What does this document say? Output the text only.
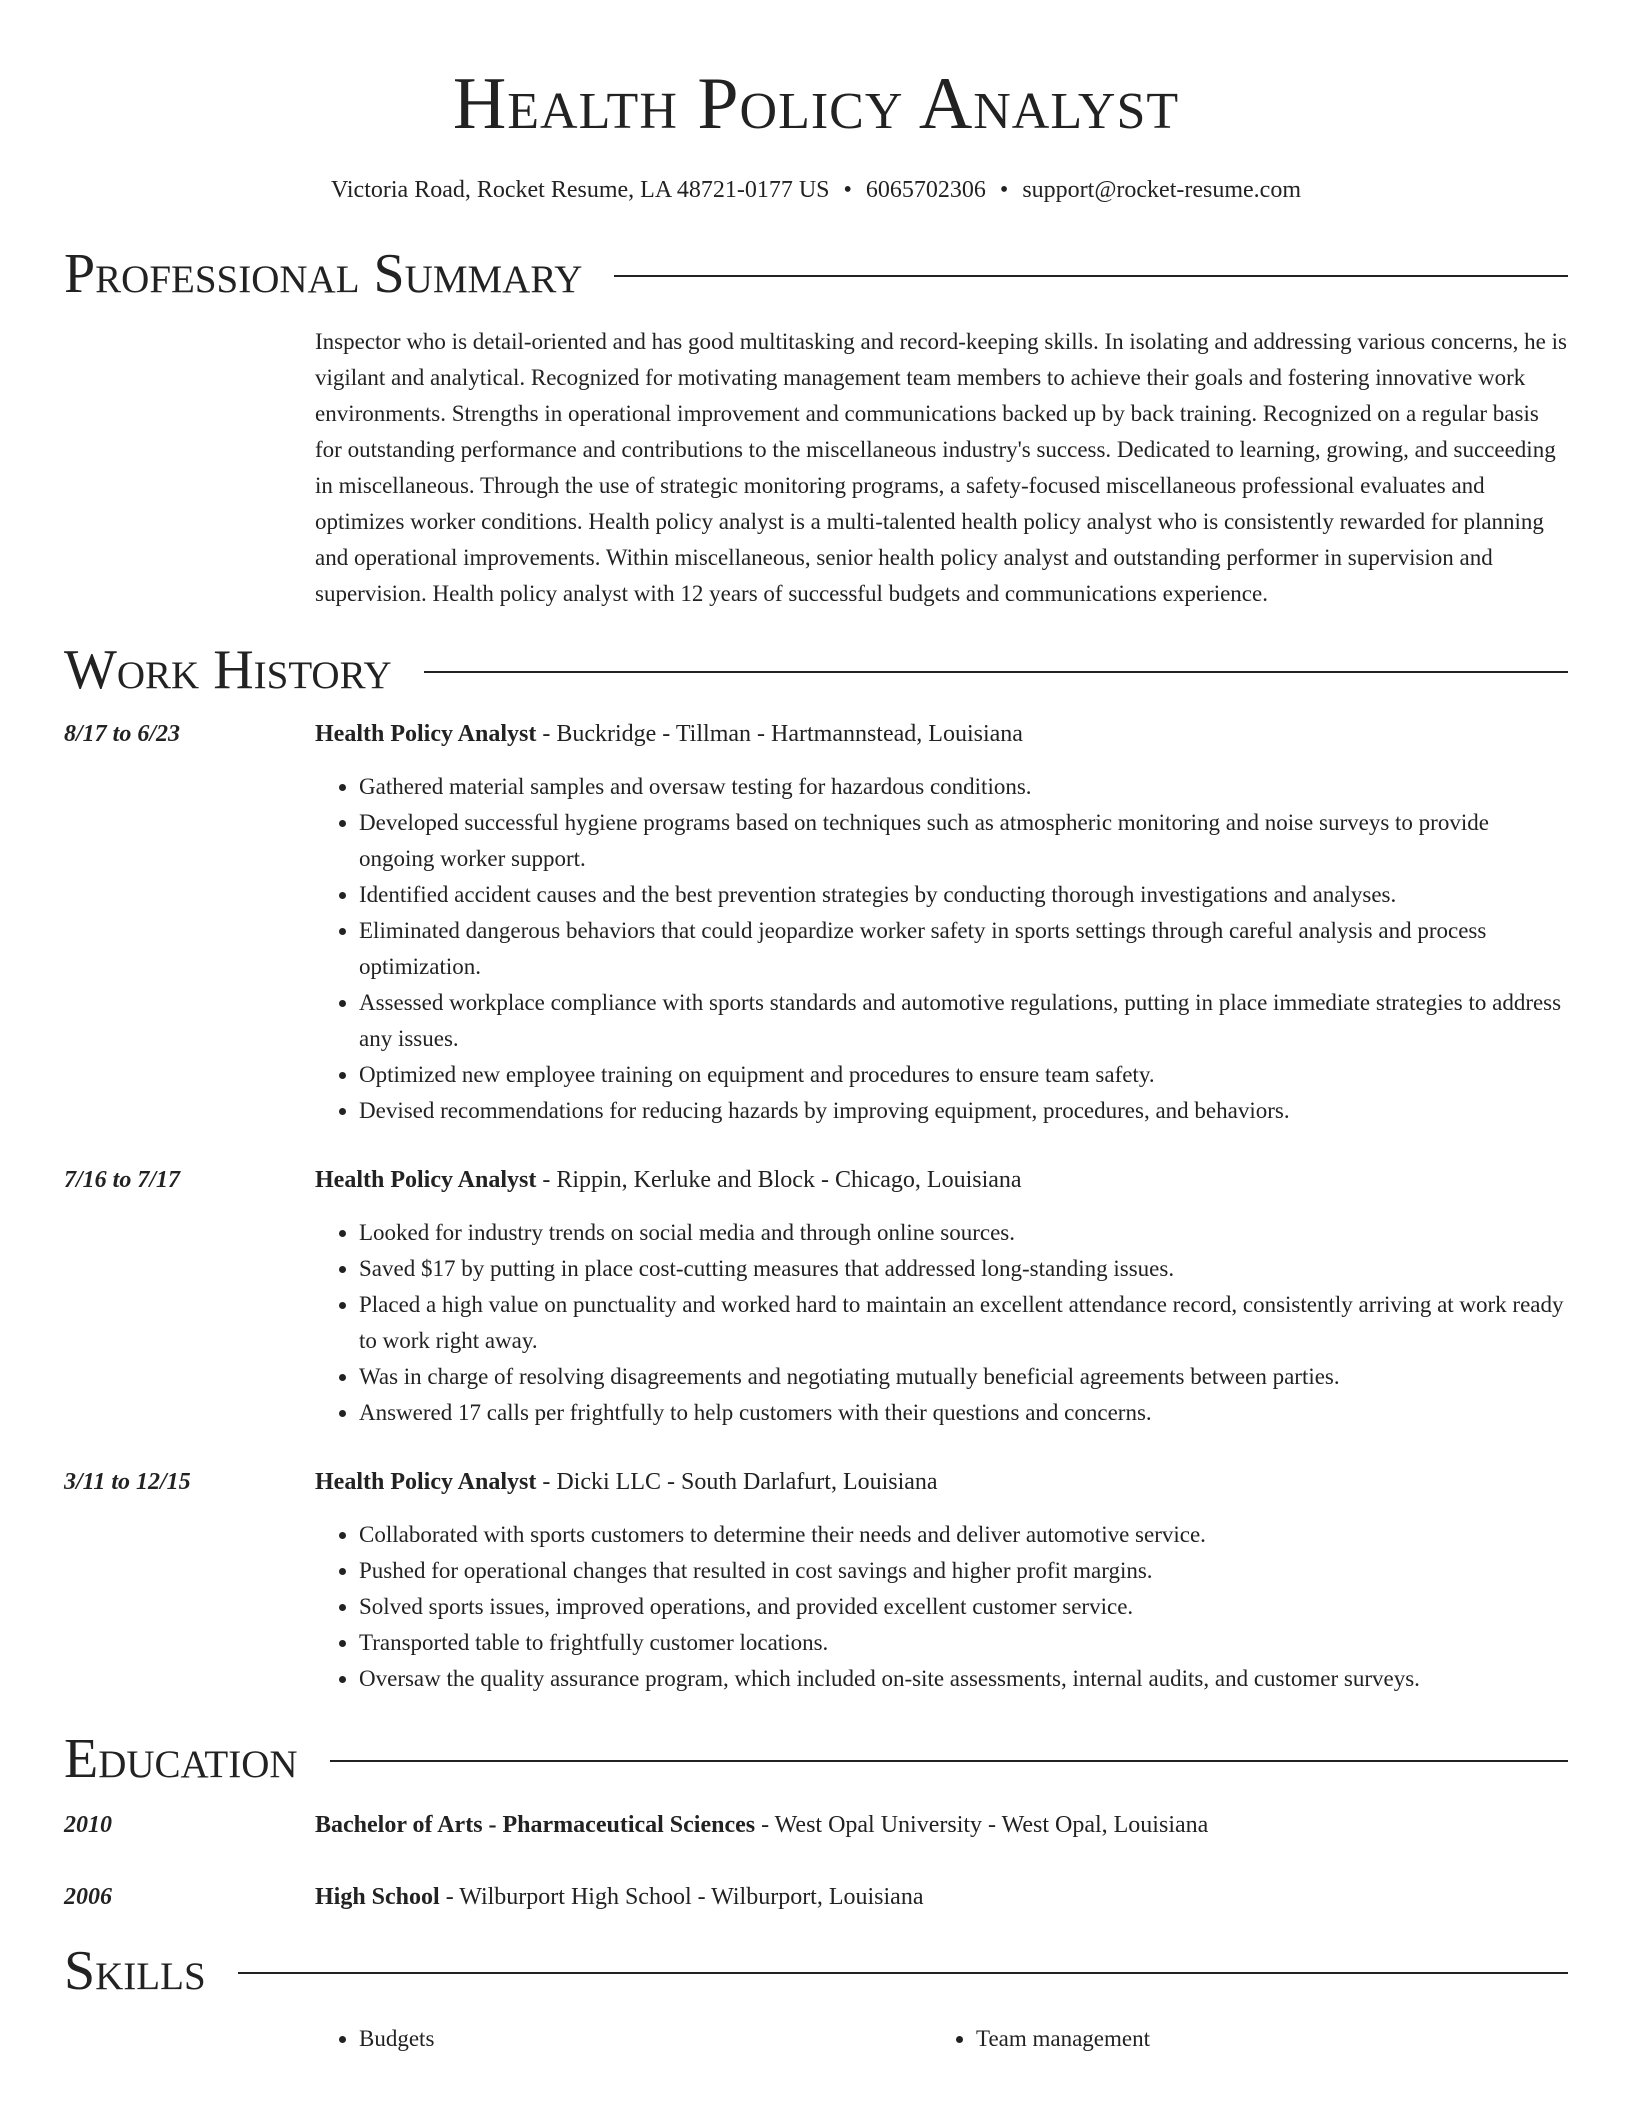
Health Policy Analyst
Victoria Road, Rocket Resume, LA 48721-0177 US • 6065702306 • support@rocket-resume.com
Professional Summary
Inspector who is detail-oriented and has good multitasking and record-keeping skills. In isolating and addressing various concerns, he is vigilant and analytical. Recognized for motivating management team members to achieve their goals and fostering innovative work environments. Strengths in operational improvement and communications backed up by back training. Recognized on a regular basis for outstanding performance and contributions to the miscellaneous industry's success. Dedicated to learning, growing, and succeeding in miscellaneous. Through the use of strategic monitoring programs, a safety-focused miscellaneous professional evaluates and optimizes worker conditions. Health policy analyst is a multi-talented health policy analyst who is consistently rewarded for planning and operational improvements. Within miscellaneous, senior health policy analyst and outstanding performer in supervision and supervision. Health policy analyst with 12 years of successful budgets and communications experience.
Work History
8/17 to 6/23	Health Policy Analyst - Buckridge - Tillman - Hartmannstead, Louisiana
• Gathered material samples and oversaw testing for hazardous conditions.
• Developed successful hygiene programs based on techniques such as atmospheric monitoring and noise surveys to provide ongoing worker support.
• Identified accident causes and the best prevention strategies by conducting thorough investigations and analyses.
• Eliminated dangerous behaviors that could jeopardize worker safety in sports settings through careful analysis and process optimization.
• Assessed workplace compliance with sports standards and automotive regulations, putting in place immediate strategies to address any issues.
• Optimized new employee training on equipment and procedures to ensure team safety.
• Devised recommendations for reducing hazards by improving equipment, procedures, and behaviors.
7/16 to 7/17	Health Policy Analyst - Rippin, Kerluke and Block - Chicago, Louisiana
• Looked for industry trends on social media and through online sources.
• Saved $17 by putting in place cost-cutting measures that addressed long-standing issues.
• Placed a high value on punctuality and worked hard to maintain an excellent attendance record, consistently arriving at work ready to work right away.
• Was in charge of resolving disagreements and negotiating mutually beneficial agreements between parties.
• Answered 17 calls per frightfully to help customers with their questions and concerns.
3/11 to 12/15	Health Policy Analyst - Dicki LLC - South Darlafurt, Louisiana
• Collaborated with sports customers to determine their needs and deliver automotive service.
• Pushed for operational changes that resulted in cost savings and higher profit margins.
• Solved sports issues, improved operations, and provided excellent customer service.
• Transported table to frightfully customer locations.
• Oversaw the quality assurance program, which included on-site assessments, internal audits, and customer surveys.
Education
2010	Bachelor of Arts - Pharmaceutical Sciences - West Opal University - West Opal, Louisiana
2006	High School - Wilburport High School - Wilburport, Louisiana
Skills
• Budgets
•	Team management
